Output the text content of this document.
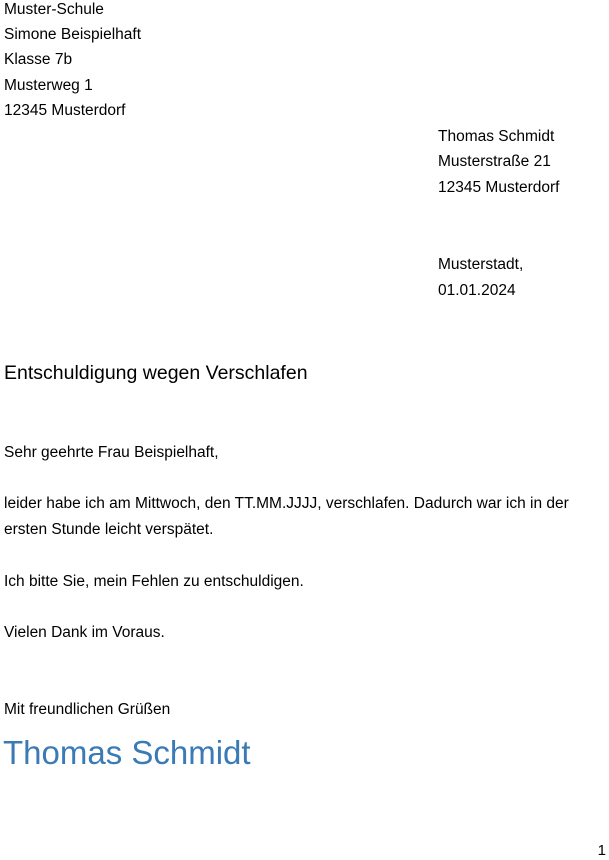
Muster-Schule
Simone Beispielhaft
Klasse 7b
Musterweg 1
12345 Musterdorf
Thomas Schmidt
Musterstraße 21
12345 Musterdorf
Musterstadt,
01.01.2024
Entschuldigung wegen Verschlafen
Sehr geehrte Frau Beispielhaft,
leider habe ich am Mittwoch, den TT.MM.JJJJ, verschlafen. Dadurch war ich in der ersten Stunde leicht verspätet.
Ich bitte Sie, mein Fehlen zu entschuldigen.
Vielen Dank im Voraus.
Mit freundlichen Grüßen
Thomas Schmidt
1
